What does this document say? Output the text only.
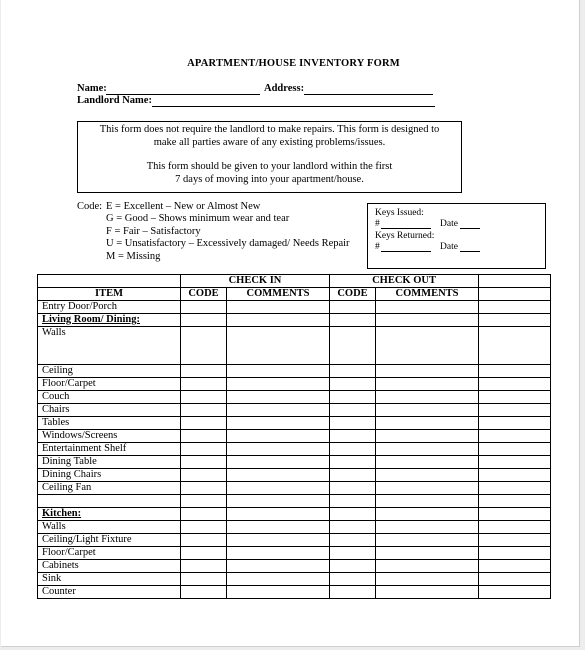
APARTMENT/HOUSE INVENTORY FORM
Name:	Address:
Landlord Name:

This form does not require the landlord to make repairs. This form is designed to

make all parties aware of any existing problems/issues.

This form should be given to your landlord within the first

7 days of moving into your apartment/house.

Code: E = Excellent – New or Almost New
G = Good – Shows minimum wear and tear
F = Fair – Satisfactory
U = Unsatisfactory – Excessively damaged/ Needs Repair
M = Missing
Keys Issued:
#	Date
Keys Returned:
#	Date
	CHECK IN		CHECK OUT		
ITEM	CODE	COMMENTS	CODE	COMMENTS	
Entry Door/Porch					
Living Room/ Dining:					
Walls					
Ceiling					
Floor/Carpet					
Couch					
Chairs					
Tables					
Windows/Screens					
Entertainment Shelf					
Dining Table					
Dining Chairs					
Ceiling Fan					

Kitchen:					
Walls					
Ceiling/Light Fixture					
Floor/Carpet					
Cabinets					
Sink					
Counter					
